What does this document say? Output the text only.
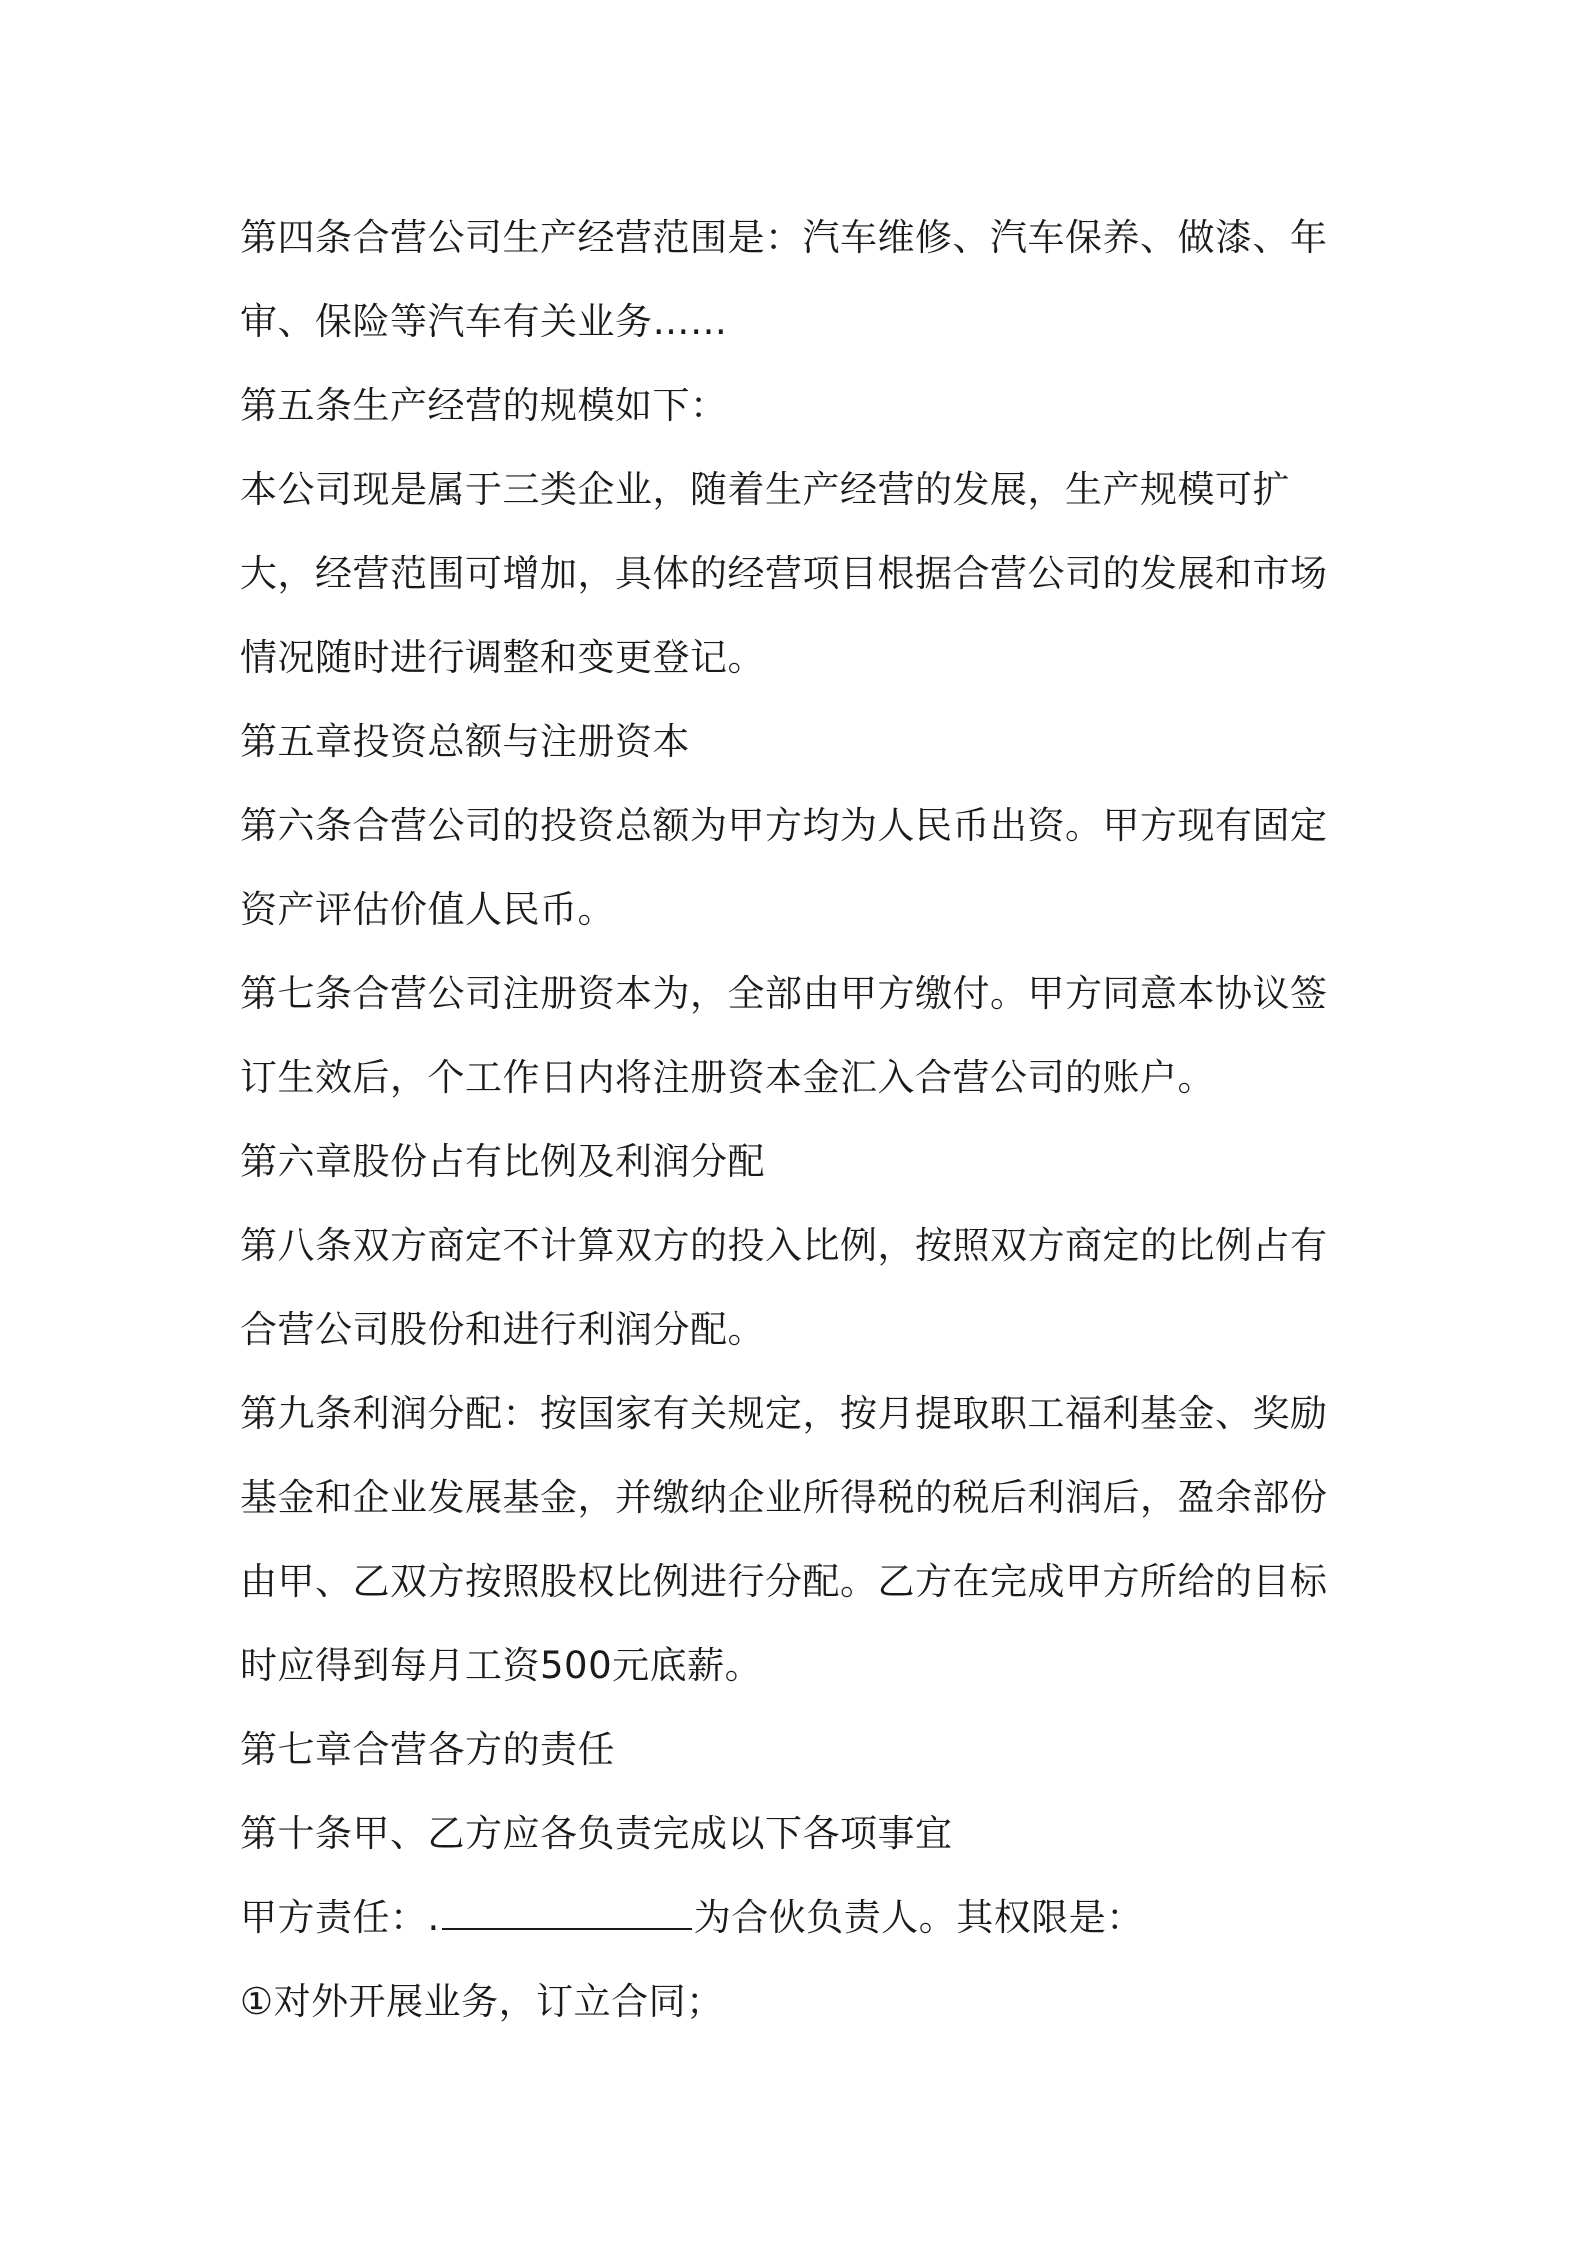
第四条合营公司生产经营范围是：汽车维修、汽车保养、做漆、年审、保险等汽车有关业务……

第五条生产经营的规模如下：

本公司现是属于三类企业，随着生产经营的发展，生产规模可扩大，经营范围可增加，具体的经营项目根据合营公司的发展和市场情况随时进行调整和变更登记。

第五章投资总额与注册资本

第六条合营公司的投资总额为甲方均为人民币出资。甲方现有固定资产评估价值人民币。

第七条合营公司注册资本为，全部由甲方缴付。甲方同意本协议签订生效后，个工作日内将注册资本金汇入合营公司的账户。

第六章股份占有比例及利润分配

第八条双方商定不计算双方的投入比例，按照双方商定的比例占有合营公司股份和进行利润分配。

第九条利润分配：按国家有关规定，按月提取职工福利基金、奖励基金和企业发展基金，并缴纳企业所得税的税后利润后，盈余部份由甲、乙双方按照股权比例进行分配。乙方在完成甲方所给的目标时应得到每月工资500元底薪。

第七章合营各方的责任

第十条甲、乙方应各负责完成以下各项事宜

甲方责任：.	为合伙负责人。其权限是：

①对外开展业务，订立合同；
